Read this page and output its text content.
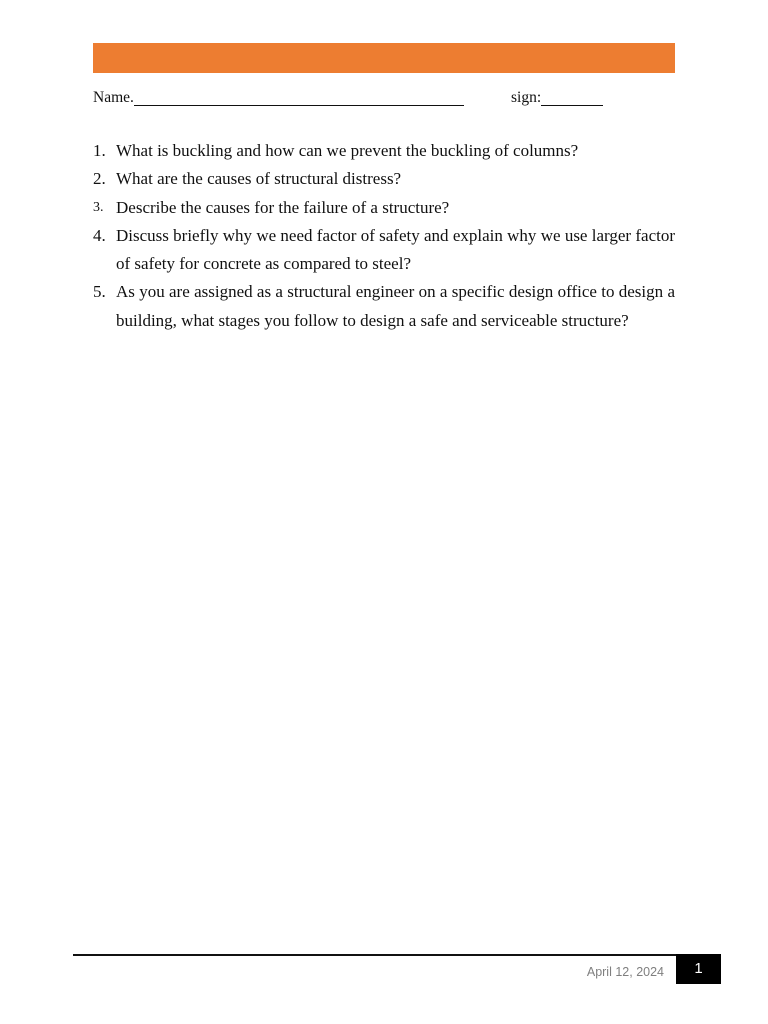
Name.	sign:
1. What is buckling and how can we prevent the buckling of columns?
2. What are the causes of structural distress?
3. Describe the causes for the failure of a structure?
4. Discuss briefly why we need factor of safety and explain why we use larger factor of safety for concrete as compared to steel?
5. As you are assigned as a structural engineer on a specific design office to design a building, what stages you follow to design a safe and serviceable structure?
April 12, 2024	1
